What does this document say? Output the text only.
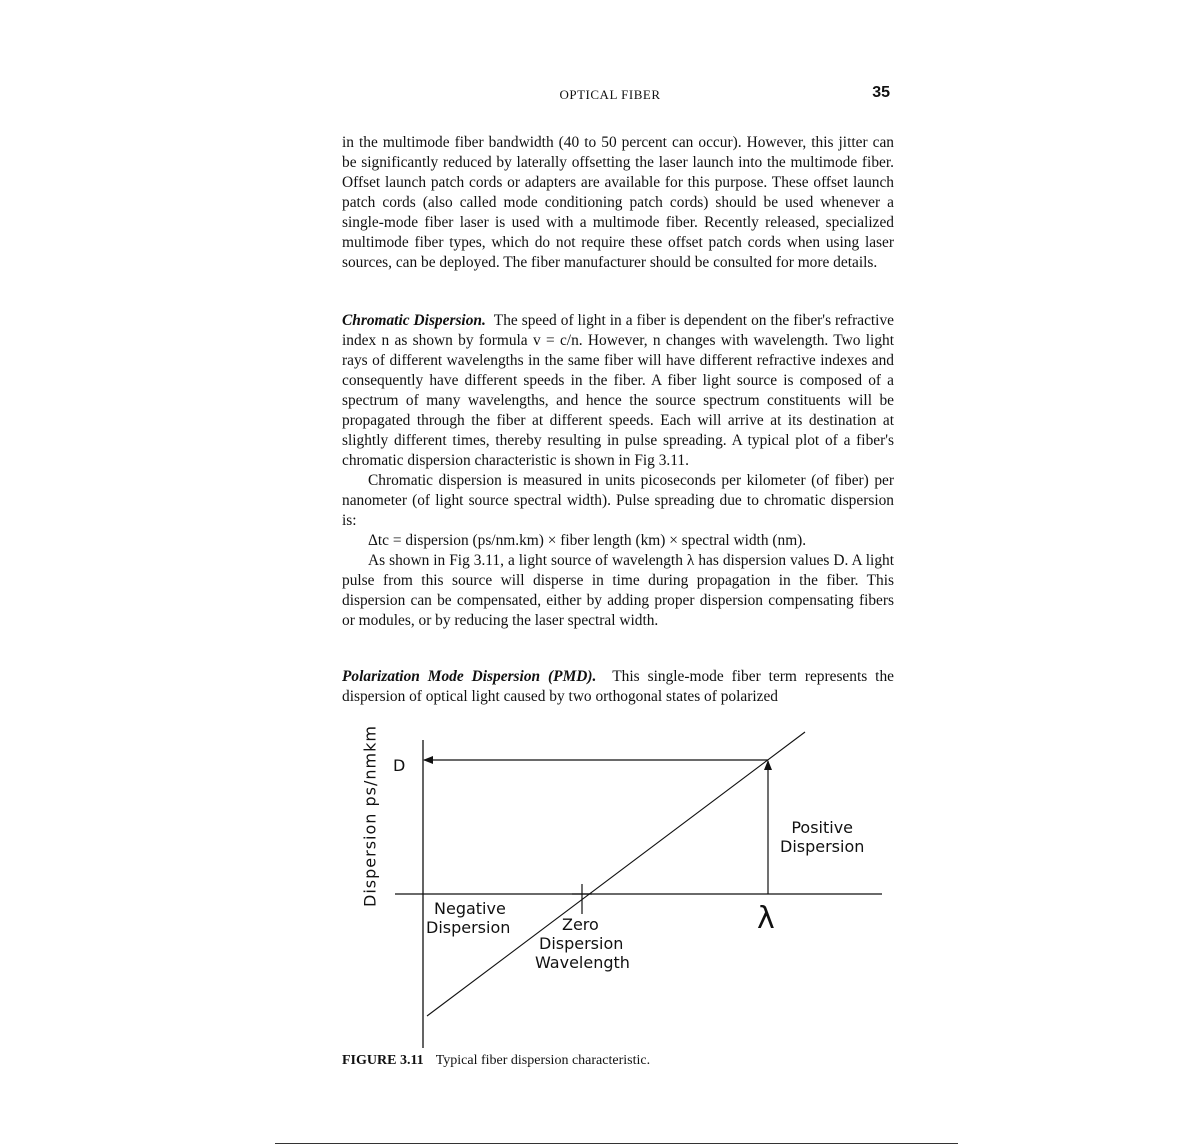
OPTICAL FIBER	35

in the multimode fiber bandwidth (40 to 50 percent can occur). However, this jitter can be significantly reduced by laterally offsetting the laser launch into the multimode fiber. Offset launch patch cords or adapters are available for this purpose. These offset launch patch cords (also called mode conditioning patch cords) should be used whenever a single-mode fiber laser is used with a multimode fiber. Recently released, specialized multimode fiber types, which do not require these offset patch cords when using laser sources, can be deployed. The fiber manufacturer should be consulted for more details.

Chromatic Dispersion. The speed of light in a fiber is dependent on the fiber's refractive index n as shown by formula v = c/n. However, n changes with wavelength. Two light rays of different wavelengths in the same fiber will have different refractive indexes and consequently have different speeds in the fiber. A fiber light source is composed of a spectrum of many wavelengths, and hence the source spectrum constituents will be propagated through the fiber at different speeds. Each will arrive at its destination at slightly different times, thereby resulting in pulse spreading. A typical plot of a fiber's chromatic dispersion characteristic is shown in Fig 3.11.

Chromatic dispersion is measured in units picoseconds per kilometer (of fiber) per nanometer (of light source spectral width). Pulse spreading due to chromatic dispersion is:

Δtc = dispersion (ps/nm.km) × fiber length (km) × spectral width (nm).

As shown in Fig 3.11, a light source of wavelength λ has dispersion values D. A light pulse from this source will disperse in time during propagation in the fiber. This dispersion can be compensated, either by adding proper dispersion compensating fibers or modules, or by reducing the laser spectral width.

Polarization Mode Dispersion (PMD). This single-mode fiber term represents the dispersion of optical light caused by two orthogonal states of polarized

Dispersion ps/nmkm D
Positive
Dispersion
Negative
Dispersion	Zero
Dispersion
Wavelength
λ
FIGURE 3.11 Typical fiber dispersion characteristic.
